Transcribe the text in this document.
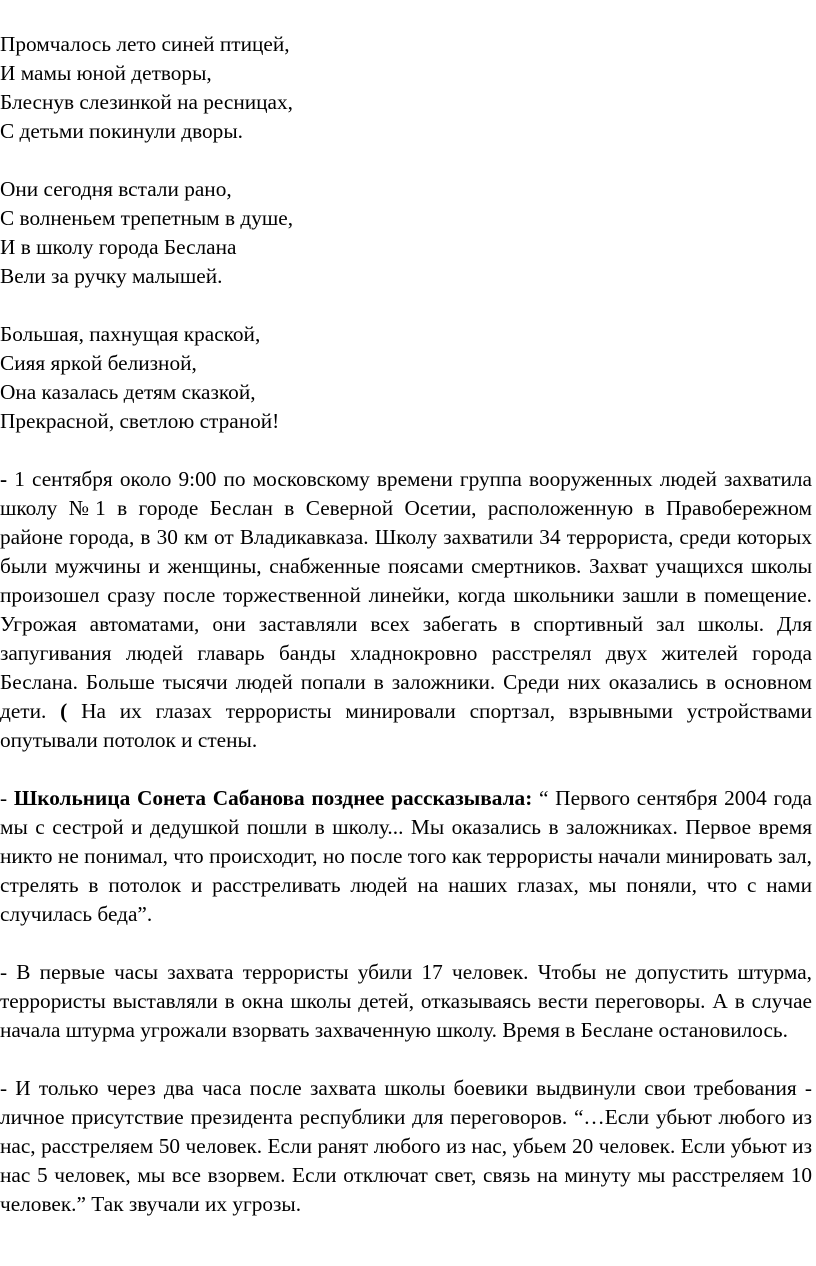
Промчалось лето синей птицей,
И мамы юной детворы,
Блеснув слезинкой на ресницах,
С детьми покинули дворы.
Они сегодня встали рано,
С волненьем трепетным в душе,
И в школу города Беслана
Вели за ручку малышей.
Большая, пахнущая краской,
Сияя яркой белизной,
Она казалась детям сказкой,
Прекрасной, светлою страной!

- 1 сентября около 9:00 по московскому времени группа вооруженных людей захватила школу №1 в городе Беслан в Северной Осетии, расположенную в Правобережном районе города, в 30 км от Владикавказа. Школу захватили 34 террориста, среди которых были мужчины и женщины, снабженные поясами смертников. Захват учащихся школы произошел сразу после торжественной линейки, когда школьники зашли в помещение. Угрожая автоматами, они заставляли всех забегать в спортивный зал школы. Для запугивания людей главарь банды хладнокровно расстрелял двух жителей города Беслана. Больше тысячи людей попали в заложники. Среди них оказались в основном дети. ( На их глазах террористы минировали спортзал, взрывными устройствами опутывали потолок и стены.

- Школьница Сонета Сабанова позднее рассказывала: “ Первого сентября 2004 года мы с сестрой и дедушкой пошли в школу... Мы оказались в заложниках. Первое время никто не понимал, что происходит, но после того как террористы начали минировать зал, стрелять в потолок и расстреливать людей на наших глазах, мы поняли, что с нами случилась беда”.

- В первые часы захвата террористы убили 17 человек. Чтобы не допустить штурма, террористы выставляли в окна школы детей, отказываясь вести переговоры. А в случае начала штурма угрожали взорвать захваченную школу. Время в Беслане остановилось.

- И только через два часа после захвата школы боевики выдвинули свои требования - личное присутствие президента республики для переговоров. “…Если убьют любого из нас, расстреляем 50 человек. Если ранят любого из нас, убьем 20 человек. Если убьют из нас 5 человек, мы все взорвем. Если отключат свет, связь на минуту мы расстреляем 10 человек.” Так звучали их угрозы.
